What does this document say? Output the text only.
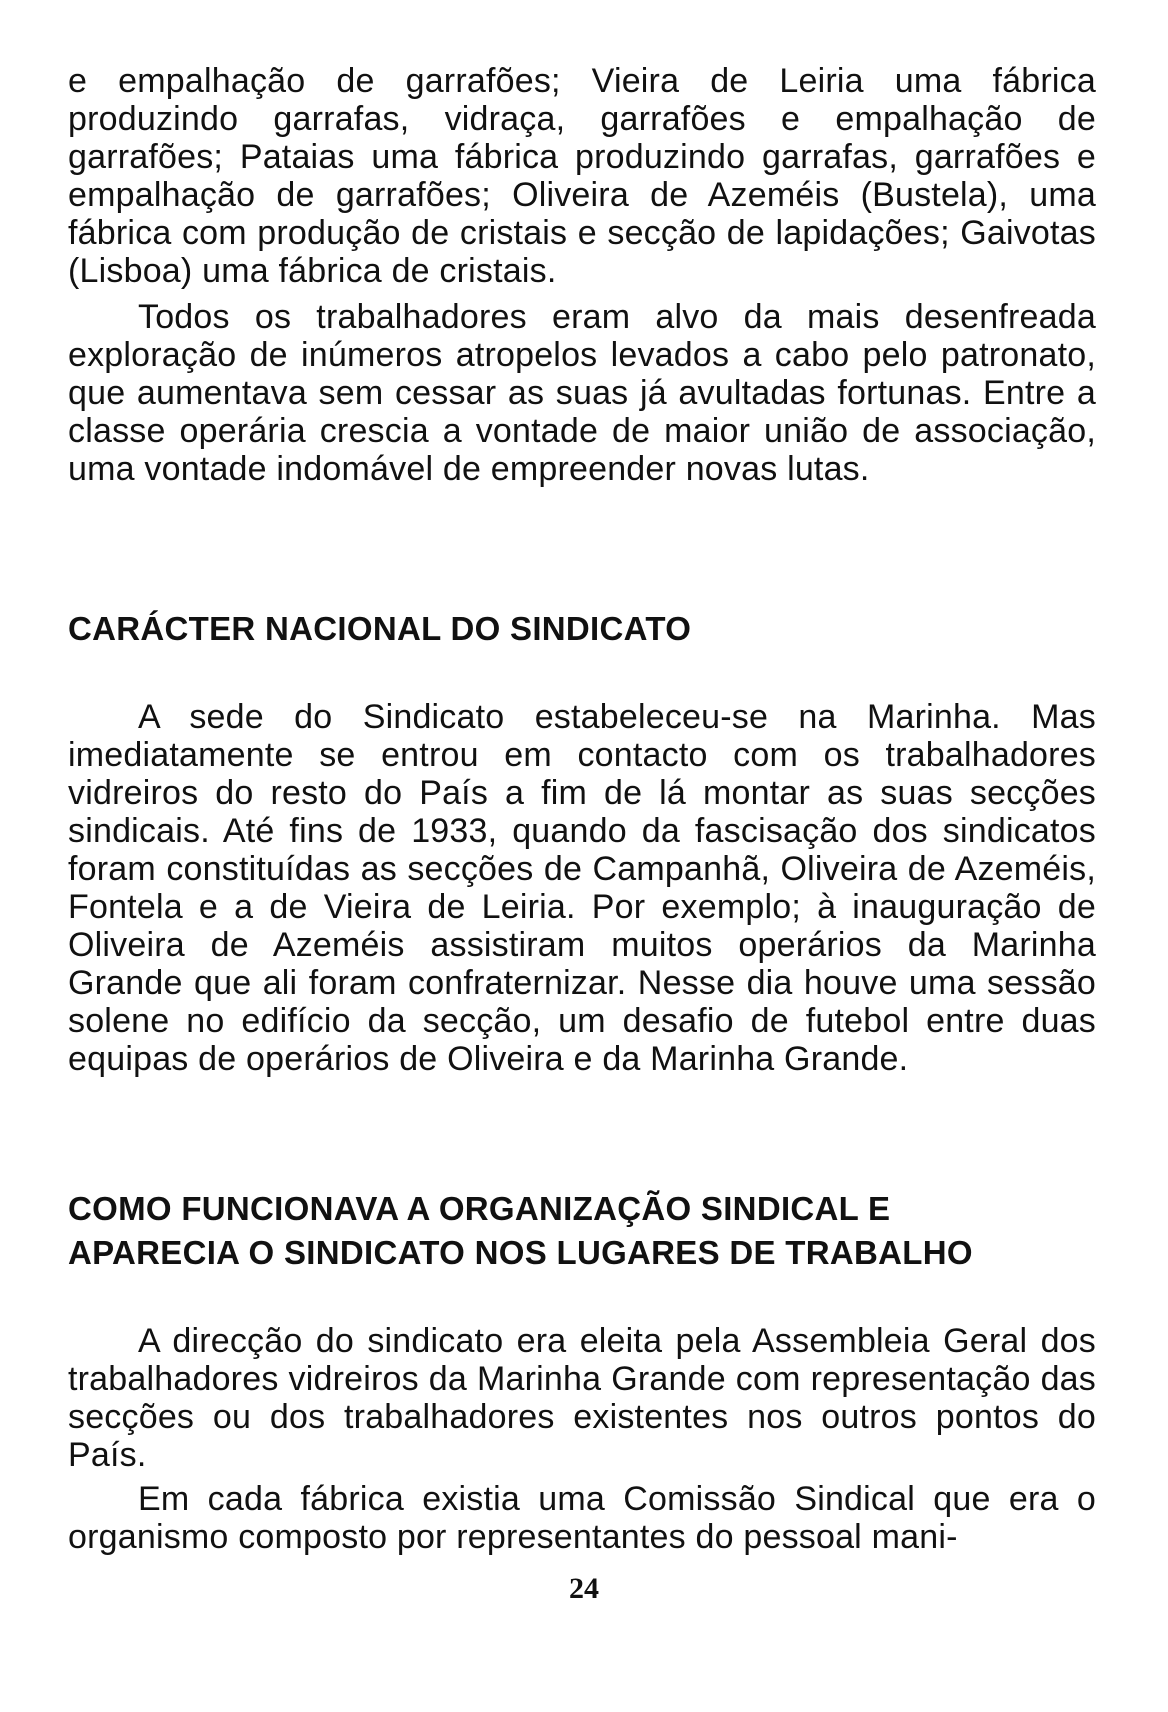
e empalhação de garrafões; Vieira de Leiria uma fábrica produzindo garrafas, vidraça, garrafões e empalhação de garrafões; Pataias uma fábrica produzindo garrafas, garrafões e empalhação de garrafões; Oliveira de Azeméis (Bustela), uma fábrica com produção de cristais e secção de lapidações; Gaivotas (Lisboa) uma fábrica de cristais.

Todos os trabalhadores eram alvo da mais desenfreada exploração de inúmeros atropelos levados a cabo pelo patronato, que aumentava sem cessar as suas já avultadas fortunas. Entre a classe operária crescia a vontade de maior união de associação, uma vontade indomável de empreender novas lutas.

CARÁCTER NACIONAL DO SINDICATO

A sede do Sindicato estabeleceu-se na Marinha. Mas imediatamente se entrou em contacto com os trabalhadores vidreiros do resto do País a fim de lá montar as suas secções sindicais. Até fins de 1933, quando da fascisação dos sindicatos foram constituídas as secções de Campanhã, Oliveira de Azeméis, Fontela e a de Vieira de Leiria. Por exemplo; à inauguração de Oliveira de Azeméis assistiram muitos operários da Marinha Grande que ali foram confraternizar. Nesse dia houve uma sessão solene no edifício da secção, um desafio de futebol entre duas equipas de operários de Oliveira e da Marinha Grande.

COMO FUNCIONAVA A ORGANIZAÇÃO SINDICAL E
APARECIA O SINDICATO NOS LUGARES DE TRABALHO

A direcção do sindicato era eleita pela Assembleia Geral dos trabalhadores vidreiros da Marinha Grande com representação das secções ou dos trabalhadores existentes nos outros pontos do País.

Em cada fábrica existia uma Comissão Sindical que era o organismo composto por representantes do pessoal mani-

24
